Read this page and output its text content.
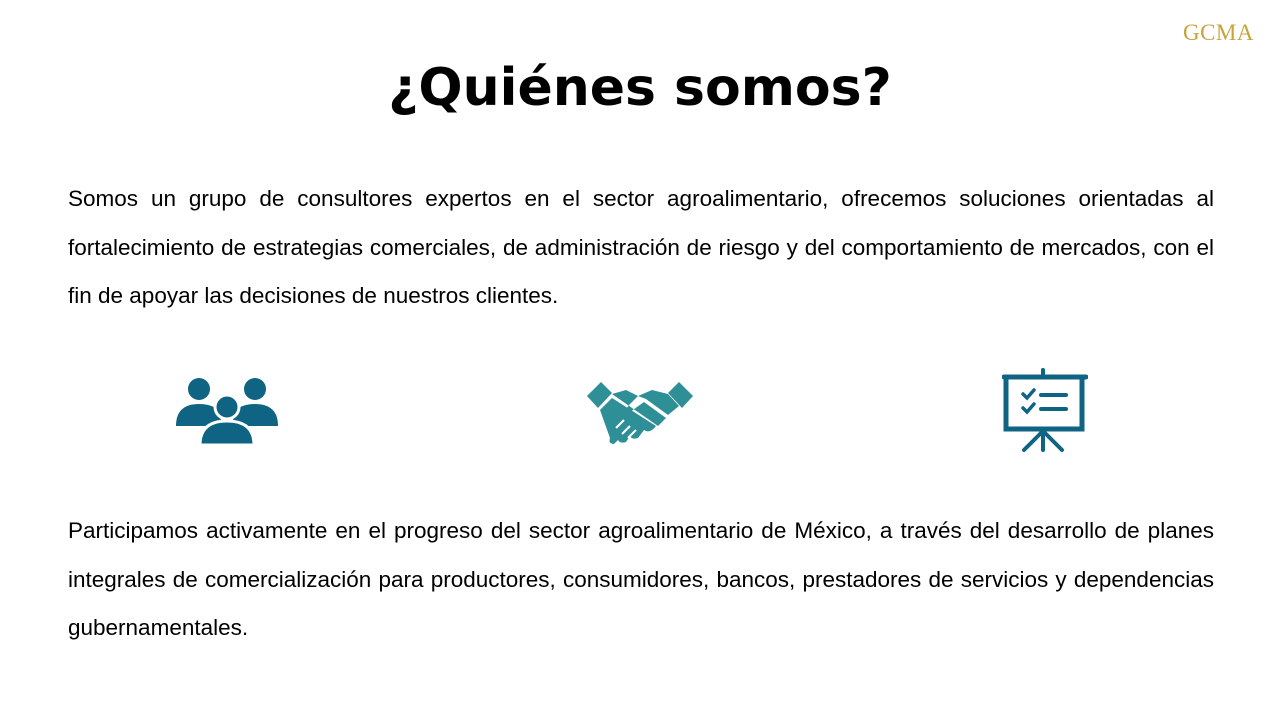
GCMA
¿Quiénes somos?

Somos un grupo de consultores expertos en el sector agroalimentario, ofrecemos soluciones orientadas al fortalecimiento de estrategias comerciales, de administración de riesgo y del comportamiento de mercados, con el fin de apoyar las decisiones de nuestros clientes.

Participamos activamente en el progreso del sector agroalimentario de México, a través del desarrollo de planes integrales de comercialización para productores, consumidores, bancos, prestadores de servicios y dependencias gubernamentales.
